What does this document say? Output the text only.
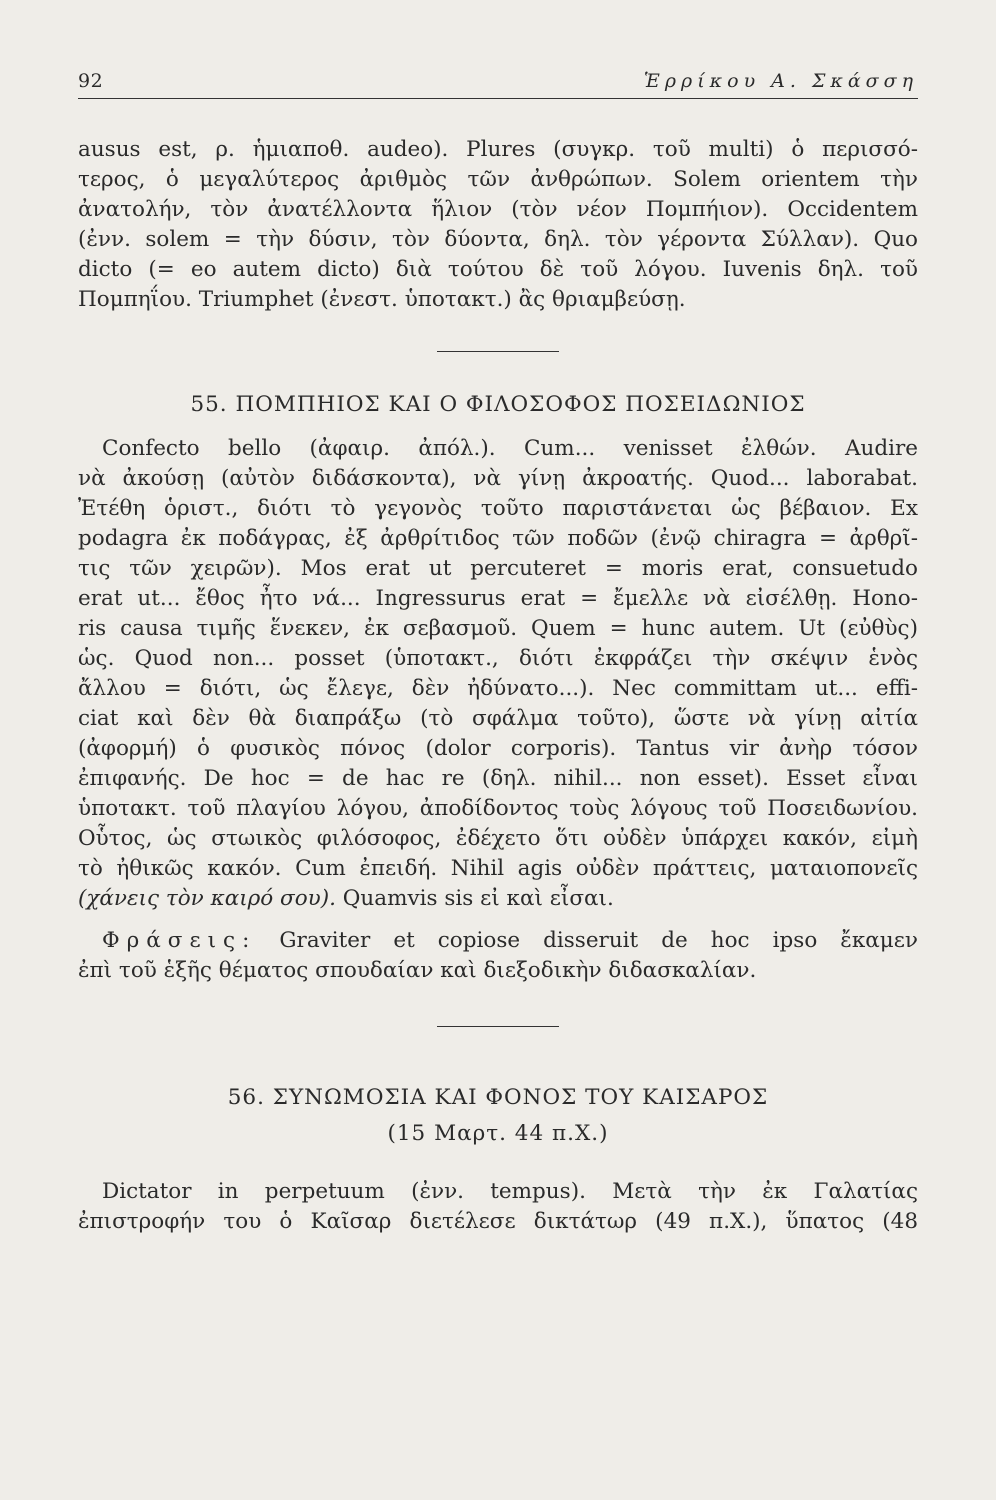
92	Ἑρρίκου Α. Σκάσση
ausus est, ρ. ἡμιαποθ. audeo). Plures (συγκρ. τοῦ multi) ὁ περισσό-
τερος, ὁ μεγαλύτερος ἀριθμὸς τῶν ἀνθρώπων. Solem orientem τὴν
ἀνατολήν, τὸν ἀνατέλλοντα ἥλιον (τὸν νέον Πομπήιον). Occidentem
(ἐνν. solem = τὴν δύσιν, τὸν δύοντα, δηλ. τὸν γέροντα Σύλλαν). Quo
dicto (= eo autem dicto) διὰ τούτου δὲ τοῦ λόγου. Iuvenis δηλ. τοῦ
Πομπηΐου. Triumphet (ἐνεστ. ὑποτακτ.) ἂς θριαμβεύσῃ.
55. ΠΟΜΠΗΙΟΣ ΚΑΙ Ο ΦΙΛΟΣΟΦΟΣ ΠΟΣΕΙΔΩΝΙΟΣ
Confecto bello (ἀφαιρ. ἀπόλ.). Cum... venisset ἐλθών. Audire
νὰ ἀκούσῃ (αὐτὸν διδάσκοντα), νὰ γίνῃ ἀκροατής. Quod... laborabat.
Ἐτέθη ὁριστ., διότι τὸ γεγονὸς τοῦτο παριστάνεται ὡς βέβαιον. Ex
podagra ἐκ ποδάγρας, ἐξ ἀρθρίτιδος τῶν ποδῶν (ἐνῷ chiragra = ἀρθρῖ-
τις τῶν χειρῶν). Mos erat ut percuteret = moris erat, consuetudo
erat ut... ἔθος ἦτο νά... Ingressurus erat = ἔμελλε νὰ εἰσέλθῃ. Hono-
ris causa τιμῆς ἕνεκεν, ἐκ σεβασμοῦ. Quem = hunc autem. Ut (εὐθὺς)
ὡς. Quod non... posset (ὑποτακτ., διότι ἐκφράζει τὴν σκέψιν ἑνὸς
ἄλλου = διότι, ὡς ἔλεγε, δὲν ἠδύνατο...). Nec committam ut... effi-
ciat καὶ δὲν θὰ διαπράξω (τὸ σφάλμα τοῦτο), ὥστε νὰ γίνῃ αἰτία
(ἀφορμή) ὁ φυσικὸς πόνος (dolor corporis). Tantus vir ἀνὴρ τόσον
ἐπιφανής. De hoc = de hac re (δηλ. nihil... non esset). Esset εἶναι
ὑποτακτ. τοῦ πλαγίου λόγου, ἀποδίδοντος τοὺς λόγους τοῦ Ποσειδωνίου.
Οὗτος, ὡς στωικὸς φιλόσοφος, ἐδέχετο ὅτι οὐδὲν ὑπάρχει κακόν, εἰμὴ
τὸ ἠθικῶς κακόν. Cum ἐπειδή. Nihil agis οὐδὲν πράττεις, ματαιοπονεῖς
(χάνεις τὸν καιρό σου). Quamvis sis εἰ καὶ εἶσαι.
Φράσεις: Graviter et copiose disseruit de hoc ipso ἔκαμεν
ἐπὶ τοῦ ἑξῆς θέματος σπουδαίαν καὶ διεξοδικὴν διδασκαλίαν.
56. ΣΥΝΩΜΟΣΙΑ ΚΑΙ ΦΟΝΟΣ ΤΟΥ ΚΑΙΣΑΡΟΣ
(15 Μαρτ. 44 π.Χ.)
Dictator in perpetuum (ἐνν. tempus). Μετὰ τὴν ἐκ Γαλατίας
ἐπιστροφήν του ὁ Καῖσαρ διετέλεσε δικτάτωρ (49 π.Χ.), ὕπατος (48
